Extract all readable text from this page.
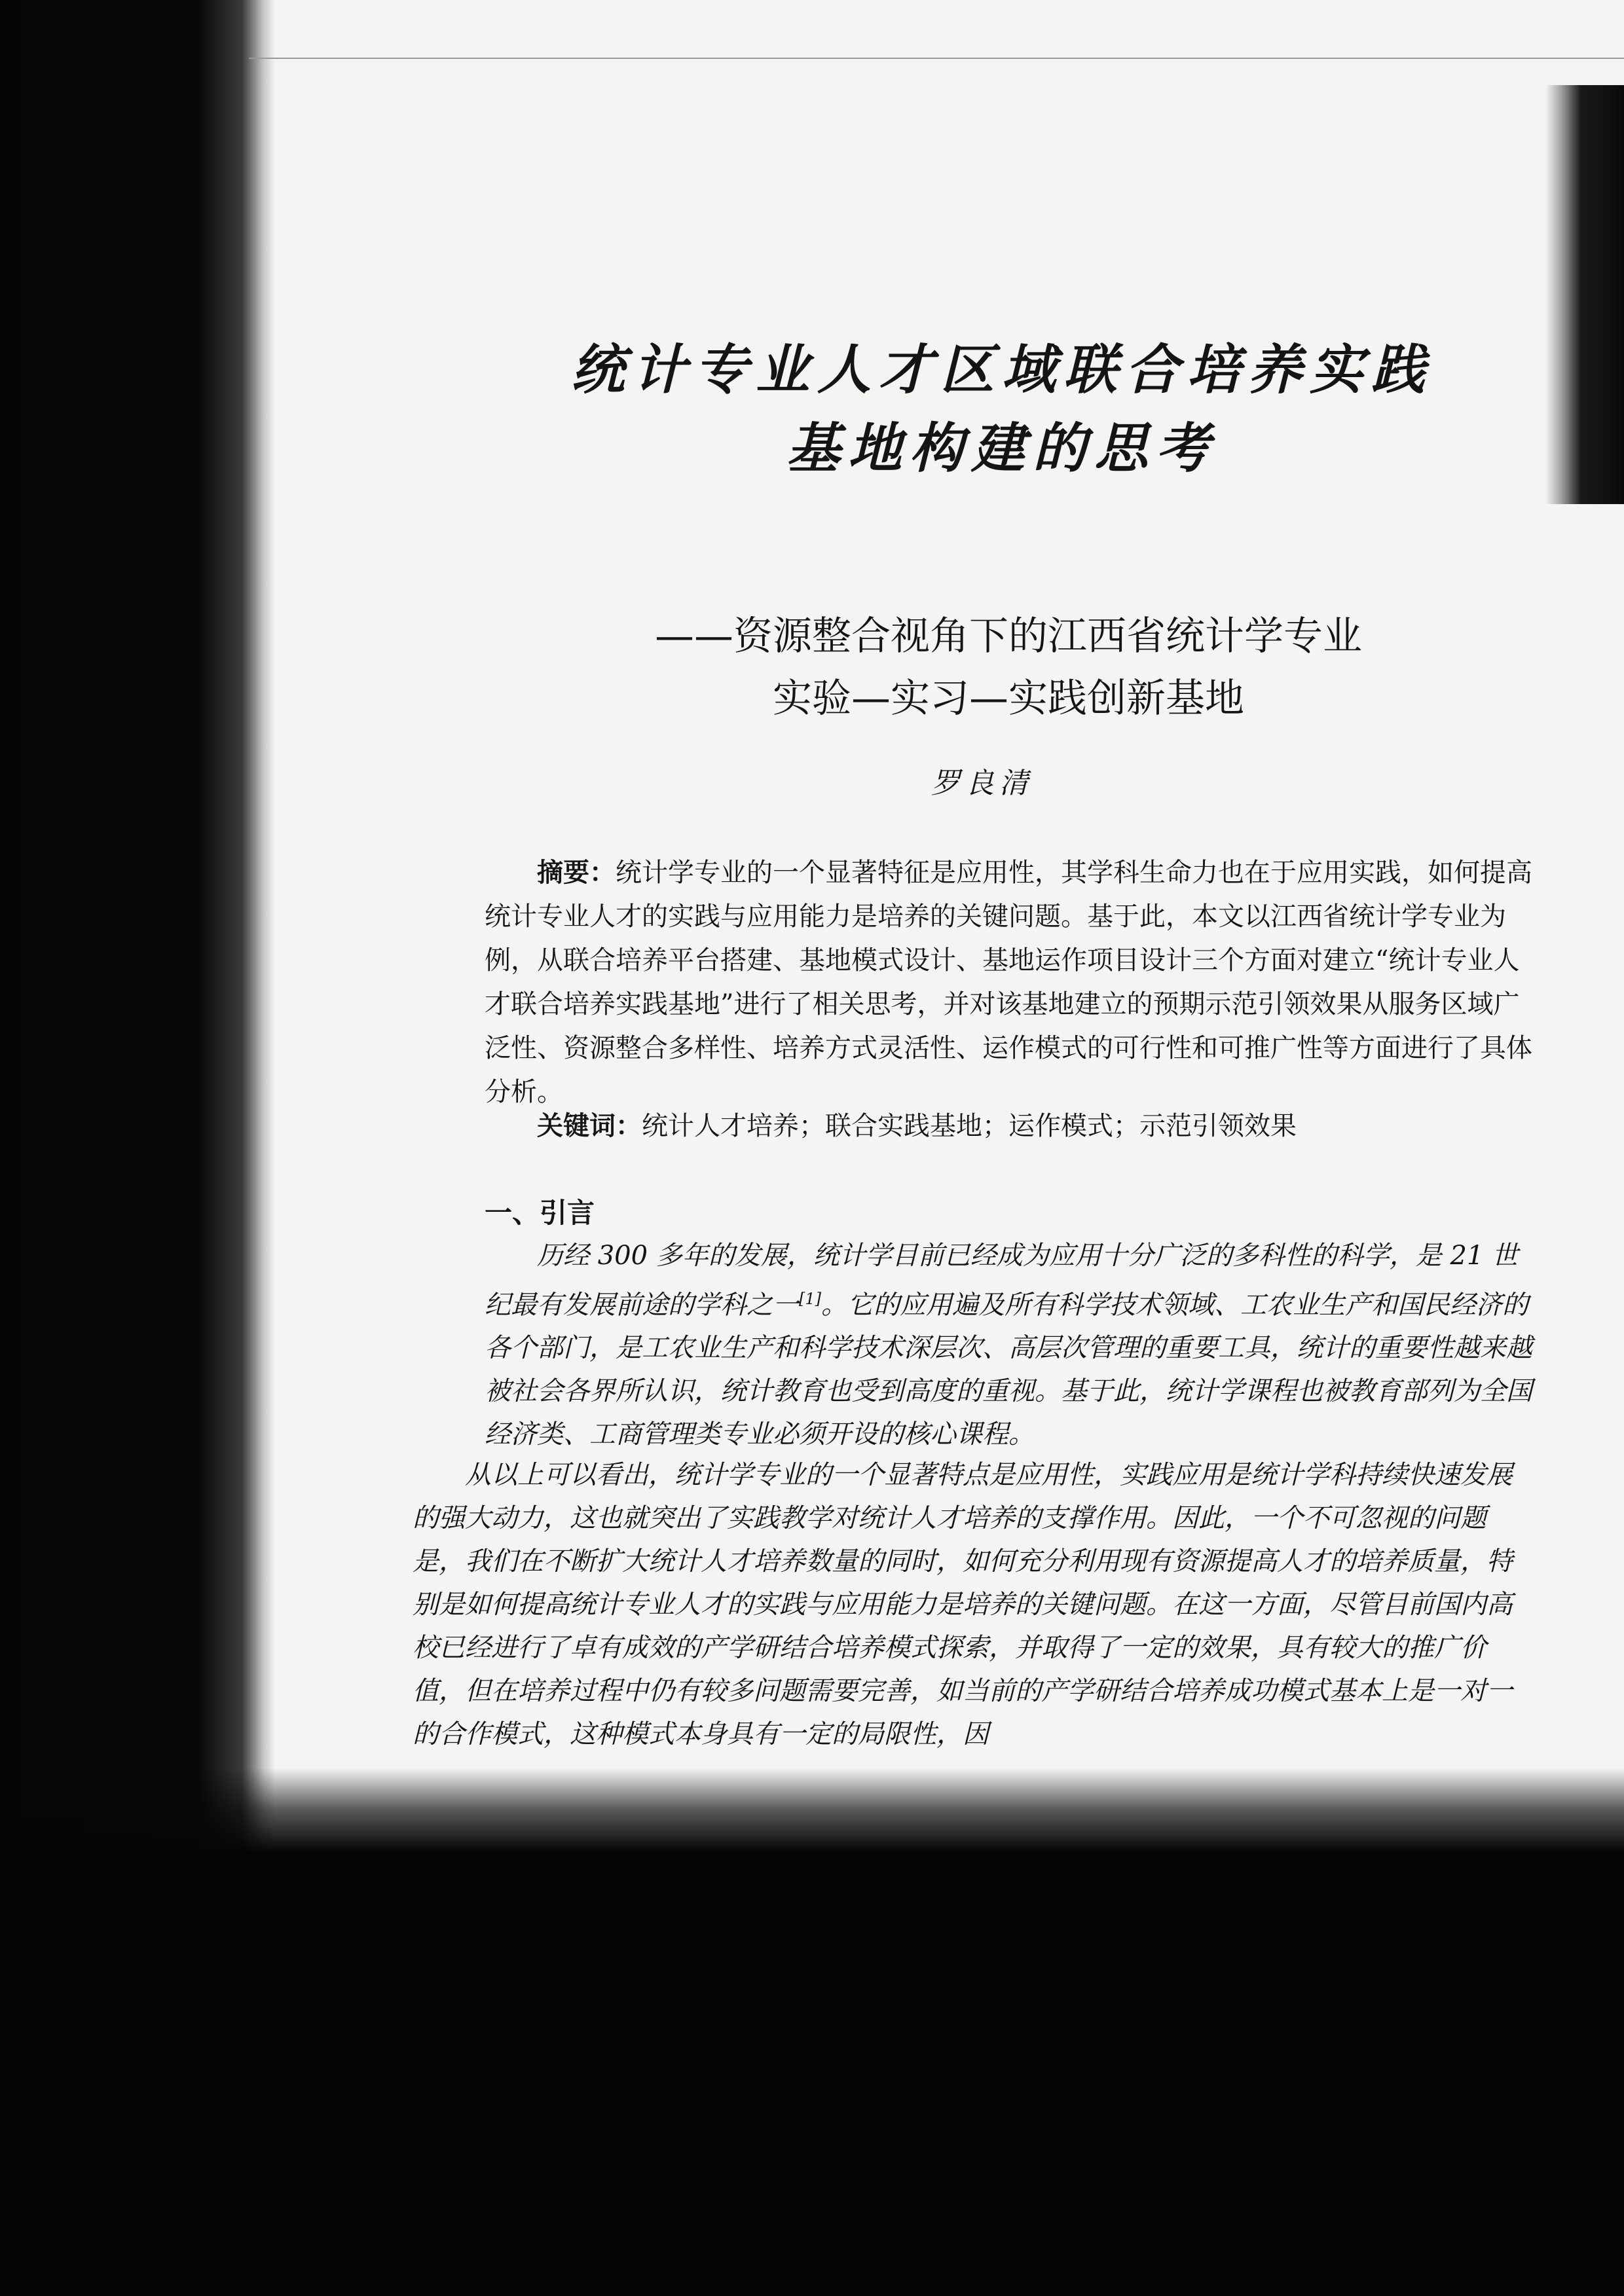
统计专业人才区域联合培养实践
基地构建的思考
——资源整合视角下的江西省统计学专业
实验—实习—实践创新基地
罗良清

摘要：统计学专业的一个显著特征是应用性，其学科生命力也在于应用实践，如何提高统计专业人才的实践与应用能力是培养的关键问题。基于此，本文以江西省统计学专业为例，从联合培养平台搭建、基地模式设计、基地运作项目设计三个方面对建立“统计专业人才联合培养实践基地”进行了相关思考，并对该基地建立的预期示范引领效果从服务区域广泛性、资源整合多样性、培养方式灵活性、运作模式的可行性和可推广性等方面进行了具体分析。

关键词：统计人才培养；联合实践基地；运作模式；示范引领效果
一、引言
历经 300 多年的发展，统计学目前已经成为应用十分广泛的多科性的科学，是 21 世纪最有发展前途的学科之一[1]。它的应用遍及所有科学技术领域、工农业生产和国民经济的各个部门，是工农业生产和科学技术深层次、高层次管理的重要工具，统计的重要性越来越被社会各界所认识，统计教育也受到高度的重视。基于此，统计学课程也被教育部列为全国经济类、工商管理类专业必须开设的核心课程。
从以上可以看出，统计学专业的一个显著特点是应用性，实践应用是统计学科持续快速发展的强大动力，这也就突出了实践教学对统计人才培养的支撑作用。因此，一个不可忽视的问题是，我们在不断扩大统计人才培养数量的同时，如何充分利用现有资源提高人才的培养质量，特别是如何提高统计专业人才的实践与应用能力是培养的关键问题。在这一方面，尽管目前国内高校已经进行了卓有成效的产学研结合培养模式探索，并取得了一定的效果，具有较大的推广价值，但在培养过程中仍有较多问题需要完善，如当前的产学研结合培养成功模式基本上是一对一的合作模式，这种模式本身具有一定的局限性，因
